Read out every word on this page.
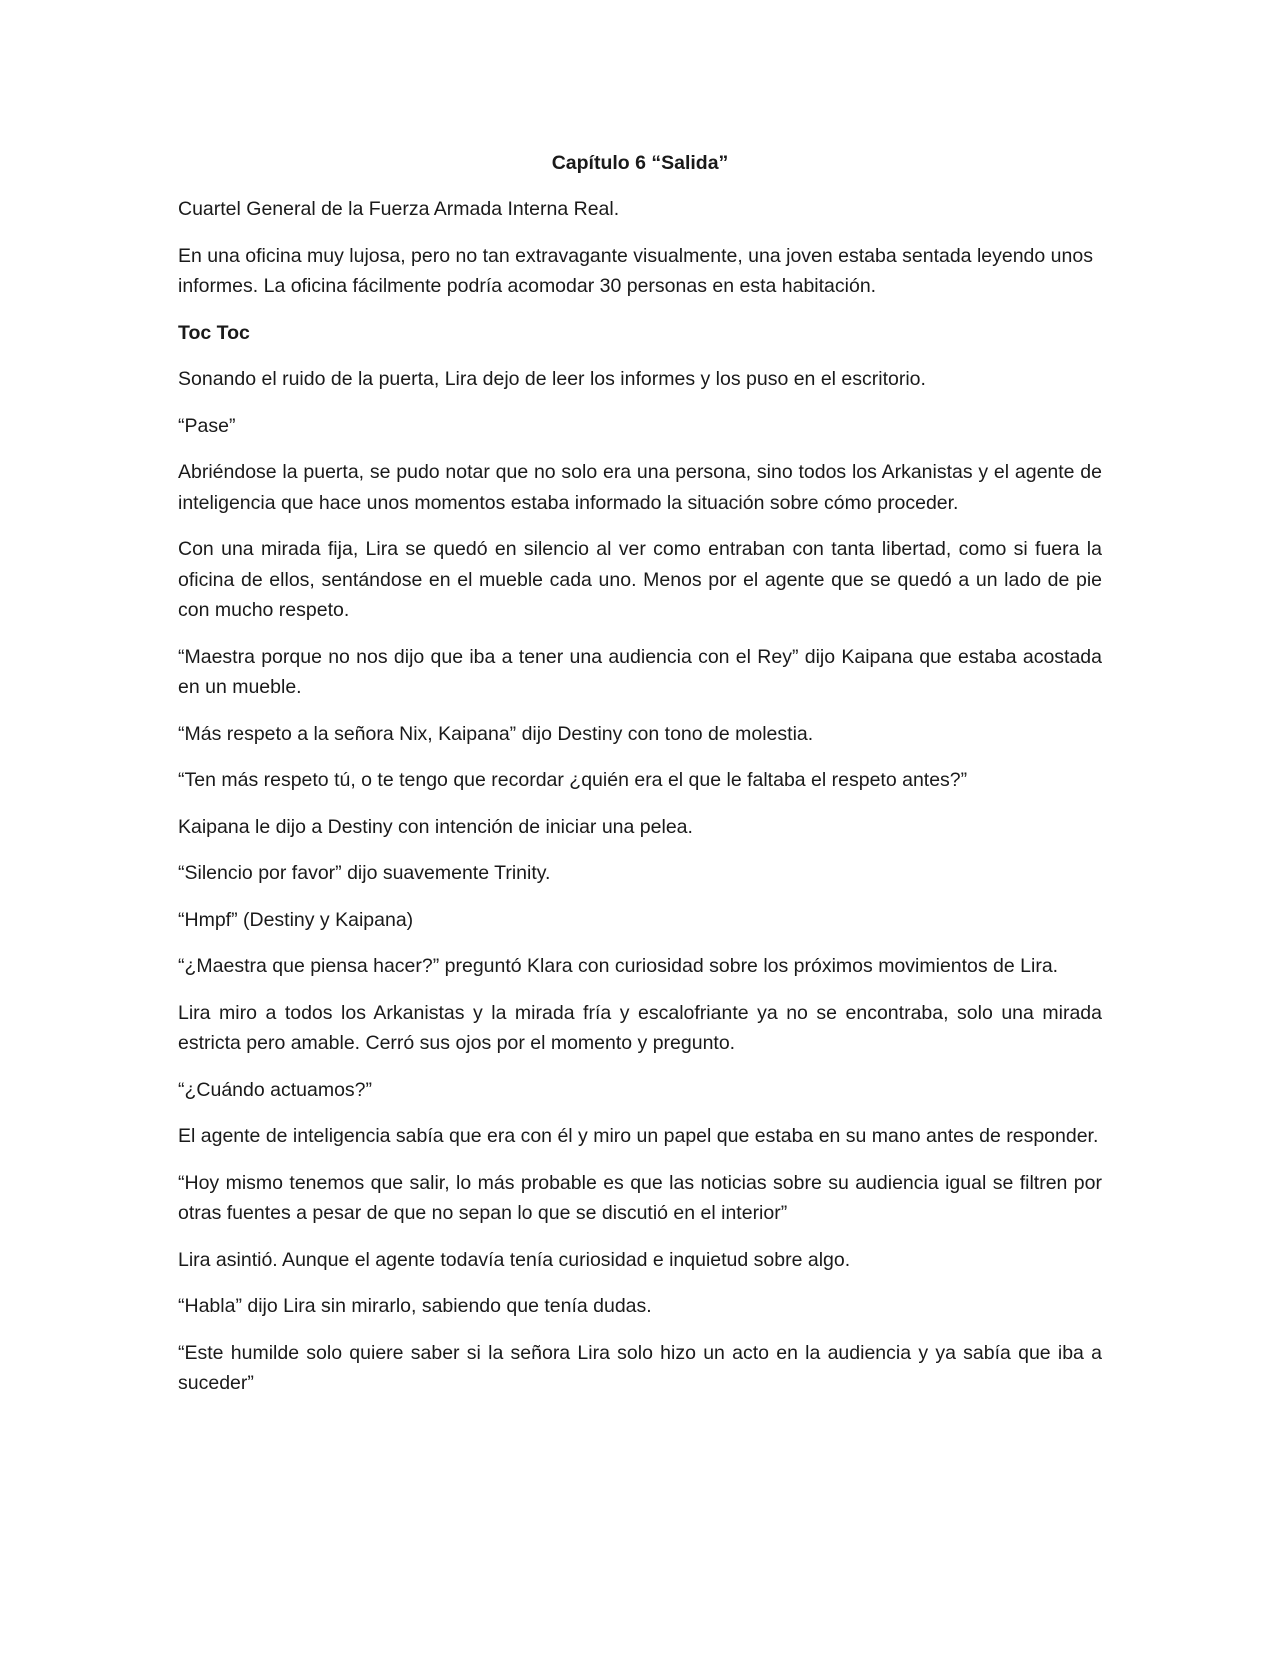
Capítulo 6 “Salida”

Cuartel General de la Fuerza Armada Interna Real.

En una oficina muy lujosa, pero no tan extravagante visualmente, una joven estaba sentada leyendo unos informes. La oficina fácilmente podría acomodar 30 personas en esta habitación.

Toc Toc

Sonando el ruido de la puerta, Lira dejo de leer los informes y los puso en el escritorio.

“Pase”

Abriéndose la puerta, se pudo notar que no solo era una persona, sino todos los Arkanistas y el agente de inteligencia que hace unos momentos estaba informado la situación sobre cómo proceder.

Con una mirada fija, Lira se quedó en silencio al ver como entraban con tanta libertad, como si fuera la oficina de ellos, sentándose en el mueble cada uno. Menos por el agente que se quedó a un lado de pie con mucho respeto.

“Maestra porque no nos dijo que iba a tener una audiencia con el Rey” dijo Kaipana que estaba acostada en un mueble.

“Más respeto a la señora Nix, Kaipana” dijo Destiny con tono de molestia.

“Ten más respeto tú, o te tengo que recordar ¿quién era el que le faltaba el respeto antes?”

Kaipana le dijo a Destiny con intención de iniciar una pelea.

“Silencio por favor” dijo suavemente Trinity.

“Hmpf” (Destiny y Kaipana)

“¿Maestra que piensa hacer?” preguntó Klara con curiosidad sobre los próximos movimientos de Lira.

Lira miro a todos los Arkanistas y la mirada fría y escalofriante ya no se encontraba, solo una mirada estricta pero amable. Cerró sus ojos por el momento y pregunto.

“¿Cuándo actuamos?”

El agente de inteligencia sabía que era con él y miro un papel que estaba en su mano antes de responder.

“Hoy mismo tenemos que salir, lo más probable es que las noticias sobre su audiencia igual se filtren por otras fuentes a pesar de que no sepan lo que se discutió en el interior”

Lira asintió. Aunque el agente todavía tenía curiosidad e inquietud sobre algo.

“Habla” dijo Lira sin mirarlo, sabiendo que tenía dudas.

“Este humilde solo quiere saber si la señora Lira solo hizo un acto en la audiencia y ya sabía que iba a suceder”
